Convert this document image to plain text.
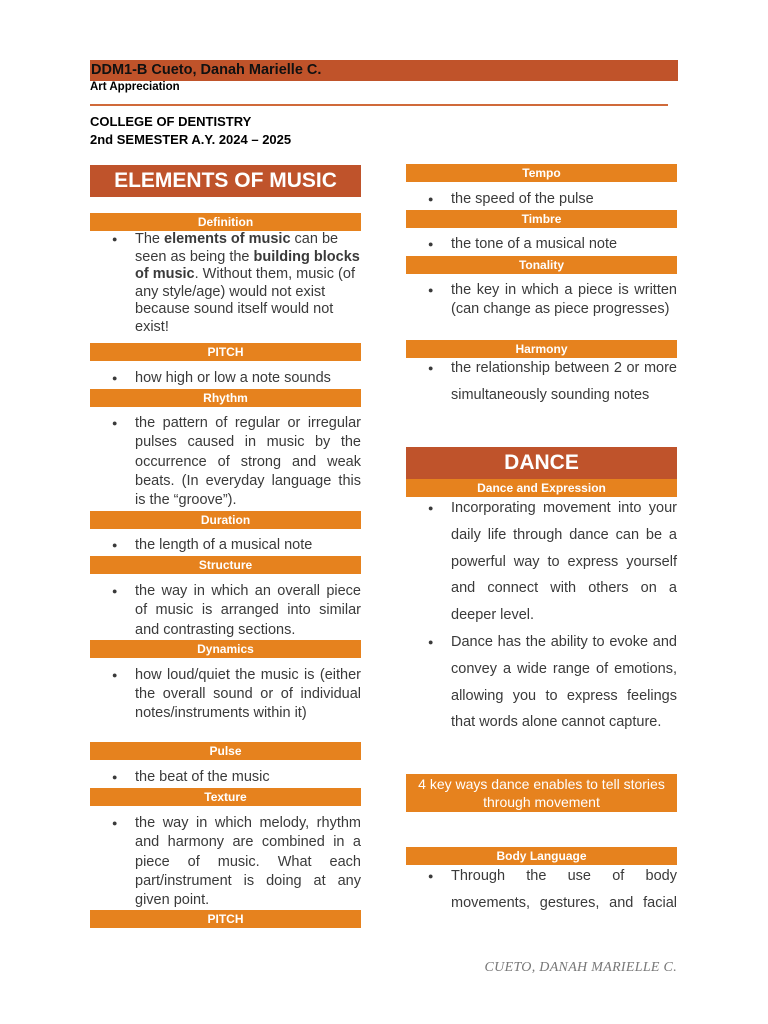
DDM1-B Cueto, Danah Marielle C.
Art Appreciation
COLLEGE OF DENTISTRY
2nd SEMESTER A.Y. 2024 – 2025
ELEMENTS OF MUSIC
Definition
● The elements of music can be seen as being the building blocks of music. Without them, music (of any style/age) would not exist because sound itself would not exist!
PITCH
● how high or low a note sounds
Rhythm
● the pattern of regular or irregular pulses caused in music by the occurrence of strong and weak beats. (In everyday language this is the “groove”).
Duration
● the length of a musical note
Structure
● the way in which an overall piece of music is arranged into similar and contrasting sections.
Dynamics
● how loud/quiet the music is (either the overall sound or of individual notes/instruments within it)
Pulse
● the beat of the music
Texture
● the way in which melody, rhythm and harmony are combined in a piece of music. What each part/instrument is doing at any given point.
PITCH
Tempo
● the speed of the pulse
Timbre
● the tone of a musical note
Tonality
● the key in which a piece is written (can change as piece progresses)
Harmony
● the relationship between 2 or more simultaneously sounding notes
DANCE
Dance and Expression
● Incorporating movement into your daily life through dance can be a powerful way to express yourself and connect with others on a deeper level.
● Dance has the ability to evoke and convey a wide range of emotions, allowing you to express feelings that words alone cannot capture.
4 key ways dance enables to tell stories through movement
Body Language
● Through the use of body movements, gestures, and facial
CUETO, DANAH MARIELLE C.
